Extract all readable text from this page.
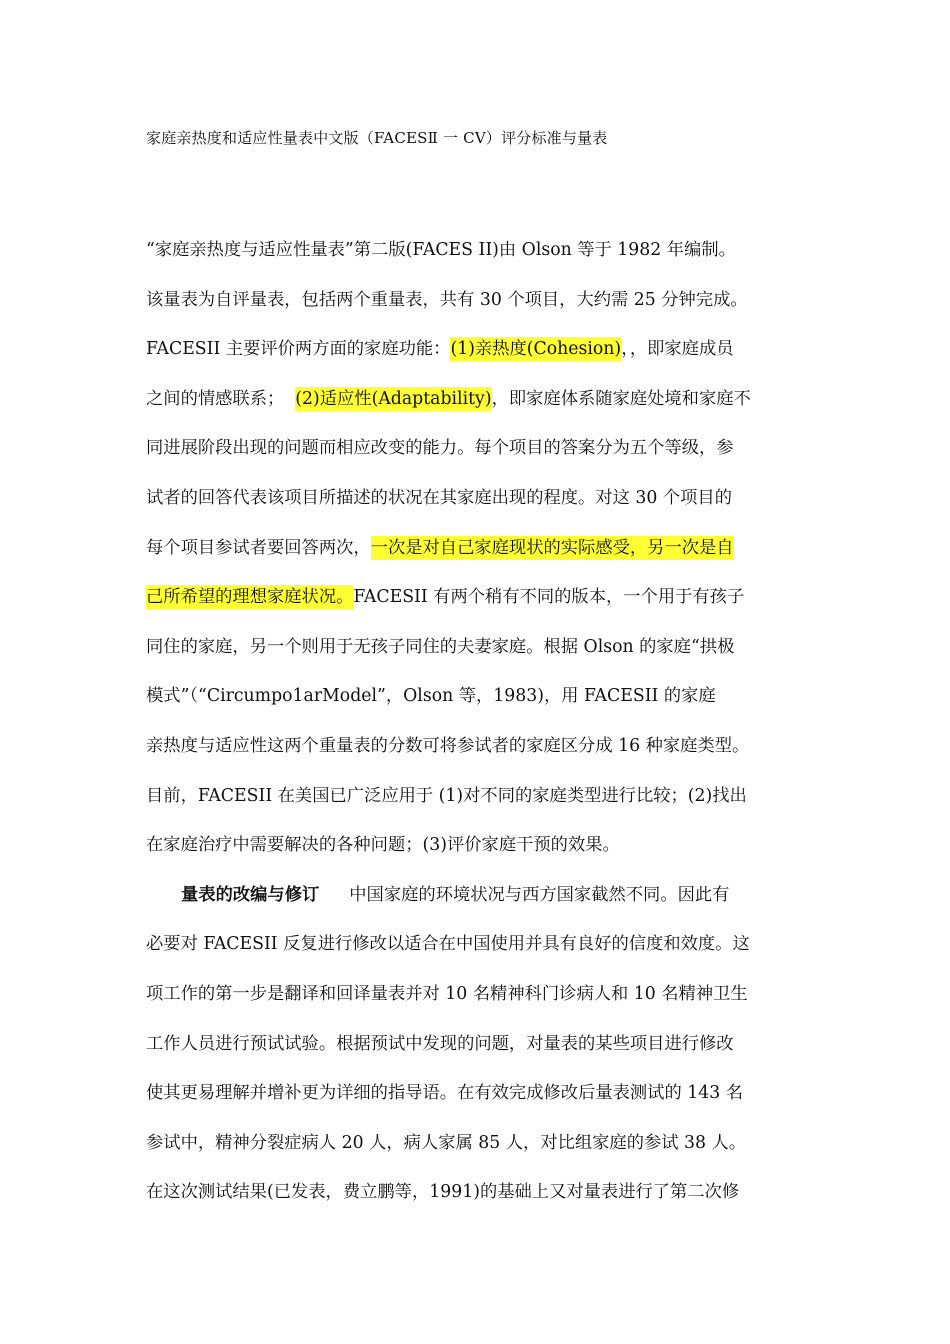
家庭亲热度和适应性量表中文版（FACESⅡ 一 CV）评分标准与量表
“家庭亲热度与适应性量表”第二版(FACES II)由 Olson 等于 1982 年编制。
该量表为自评量表，包括两个重量表，共有 30 个项目，大约需 25 分钟完成。
FACESII 主要评价两方面的家庭功能：(1)亲热度(Cohesion)，，即家庭成员
之间的情感联系；  (2)适应性(Adaptability)，即家庭体系随家庭处境和家庭不
同进展阶段出现的问题而相应改变的能力。每个项目的答案分为五个等级，参
试者的回答代表该项目所描述的状况在其家庭出现的程度。对这 30 个项目的
每个项目参试者要回答两次，一次是对自己家庭现状的实际感受，另一次是自
己所希望的理想家庭状况。FACESII 有两个稍有不同的版本，一个用于有孩子
同住的家庭，另一个则用于无孩子同住的夫妻家庭。根据 Olson 的家庭“拱极
模式”（“Circumpo1arModel”，Olson 等，1983)，用 FACESII 的家庭
亲热度与适应性这两个重量表的分数可将参试者的家庭区分成 16 种家庭类型。
目前，FACESII 在美国已广泛应用于 (1)对不同的家庭类型进行比较；(2)找出
在家庭治疗中需要解决的各种问题；(3)评价家庭干预的效果。
量表的改编与修订 中国家庭的环境状况与西方国家截然不同。因此有
必要对 FACESII 反复进行修改以适合在中国使用并具有良好的信度和效度。这
项工作的第一步是翻译和回译量表并对 10 名精神科门诊病人和 10 名精神卫生
工作人员进行预试试验。根据预试中发现的问题，对量表的某些项目进行修改
使其更易理解并增补更为详细的指导语。在有效完成修改后量表测试的 143 名
参试中，精神分裂症病人 20 人，病人家属 85 人，对比组家庭的参试 38 人。
在这次测试结果(已发表，费立鹏等，1991)的基础上又对量表进行了第二次修
